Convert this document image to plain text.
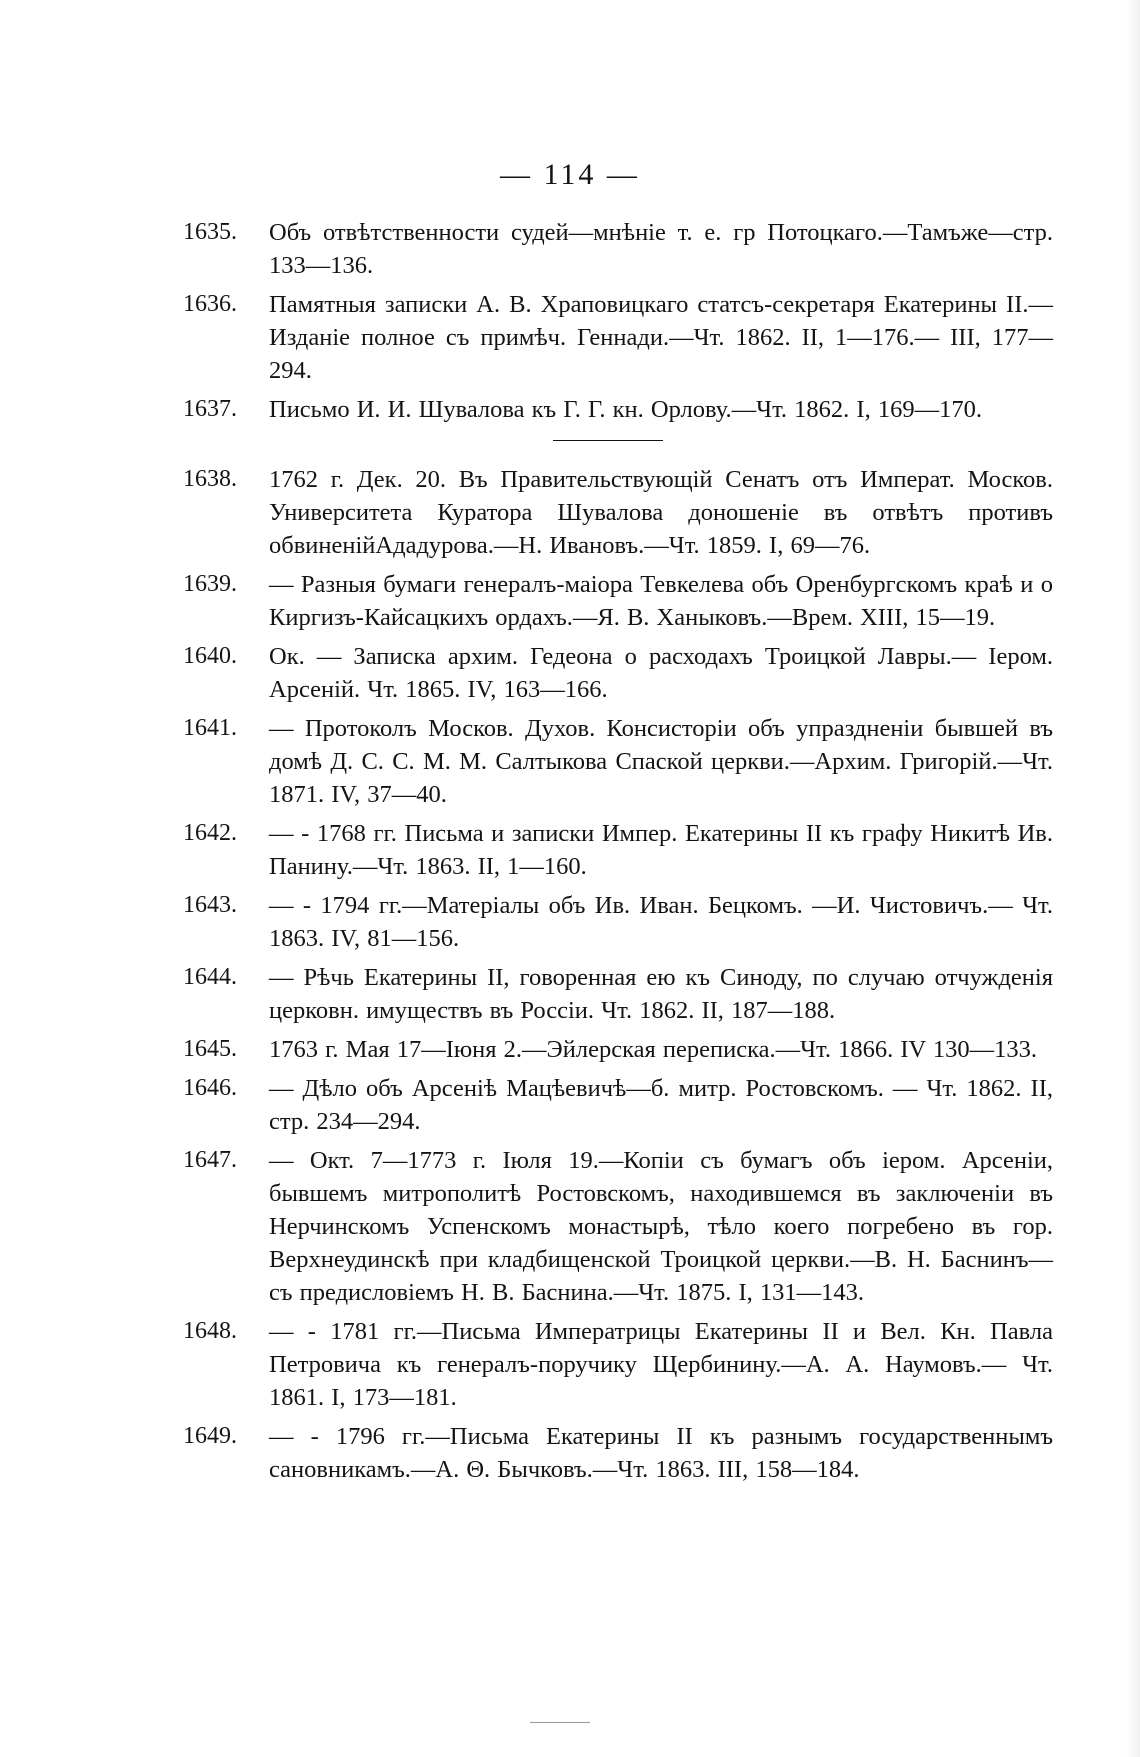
— 114 —
1635. Объ отвѣтственности судей—мнѣніе т. е. гр Потоцкаго.—Тамъже—стр. 133—136.
1636. Памятныя записки А. В. Храповицкаго статсъ-секретаря Екатерины II.—Изданіе полное съ примѣч. Геннади.—Чт. 1862. II, 1—176.— III, 177—294.
1637. Письмо И. И. Шувалова къ Г. Г. кн. Орлову.—Чт. 1862. I, 169—170.
1638. 1762 г. Дек. 20. Въ Правительствующій Сенатъ отъ Императ. Москов. Университета Куратора Шувалова доношеніе въ отвѣтъ противъ обвиненійАдадурова.—Н. Ивановъ.—Чт. 1859. I, 69—76.
1639. — Разныя бумаги генералъ-маіора Тевкелева объ Оренбургскомъ краѣ и о Киргизъ-Кайсацкихъ ордахъ.—Я. В. Ханыковъ.—Врем. XIII, 15—19.
1640. Ок. — Записка архим. Гедеона о расходахъ Троицкой Лавры.— Іером. Арсеній. Чт. 1865. IV, 163—166.
1641. — Протоколъ Москов. Духов. Консисторіи объ упраздненіи бывшей въ домѣ Д. С. С. М. М. Салтыкова Спаской церкви.—Архим. Григорій.—Чт. 1871. IV, 37—40.
1642. — - 1768 гг. Письма и записки Импер. Екатерины II къ графу Никитѣ Ив. Панину.—Чт. 1863. II, 1—160.
1643. — - 1794 гг.—Матеріалы объ Ив. Иван. Бецкомъ. —И. Чистовичъ.— Чт. 1863. IV, 81—156.
1644. — Рѣчь Екатерины II, говоренная ею къ Синоду, по случаю отчужденія церковн. имуществъ въ Россіи. Чт. 1862. II, 187—188.
1645. 1763 г. Мая 17—Іюня 2.—Эйлерская переписка.—Чт. 1866. IV 130—133.
1646. — Дѣло объ Арсеніѣ Мацѣевичѣ—б. митр. Ростовскомъ. — Чт. 1862. II, стр. 234—294.
1647. — Окт. 7—1773 г. Іюля 19.—Копіи съ бумагъ объ іером. Арсеніи, бывшемъ митрополитѣ Ростовскомъ, находившемся въ заключеніи въ Нерчинскомъ Успенскомъ монастырѣ, тѣло коего погребено въ гор. Верхнеудинскѣ при кладбищенской Троицкой церкви.—В. Н. Баснинъ—съ предисловіемъ Н. В. Баснина.—Чт. 1875. I, 131—143.
1648. — - 1781 гг.—Письма Императрицы Екатерины II и Вел. Кн. Павла Петровича къ генералъ-поручику Щербинину.—А. А. Наумовъ.— Чт. 1861. I, 173—181.
1649. — - 1796 гг.—Письма Екатерины II къ разнымъ государственнымъ сановникамъ.—А. Θ. Бычковъ.—Чт. 1863. III, 158—184.
